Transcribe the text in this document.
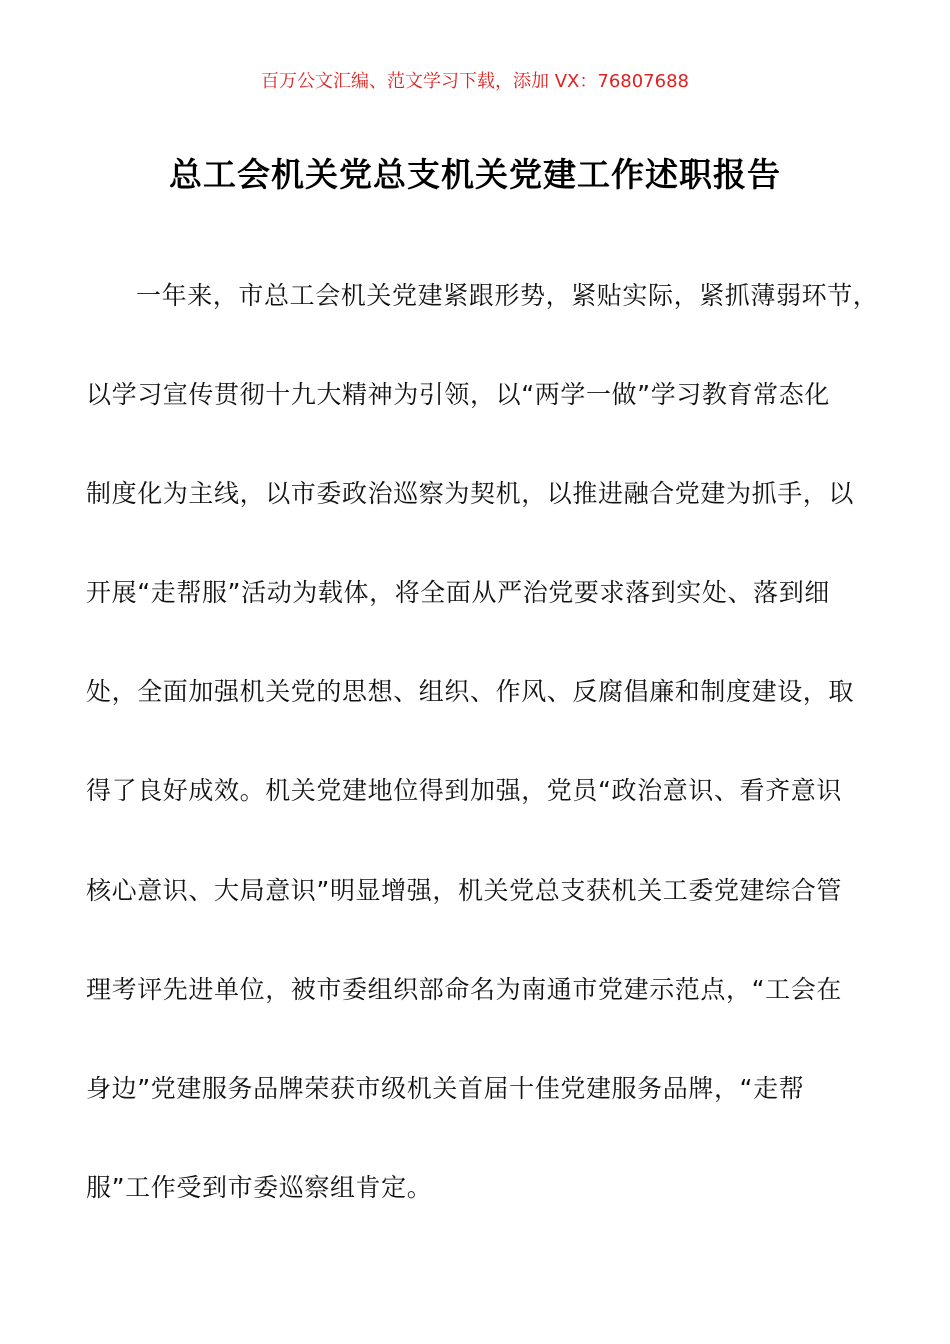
百万公文汇编、范文学习下载，添加 VX：76807688
总工会机关党总支机关党建工作述职报告
一年来，市总工会机关党建紧跟形势，紧贴实际，紧抓薄弱环节，
以学习宣传贯彻十九大精神为引领，以“两学一做”学习教育常态化
制度化为主线，以市委政治巡察为契机，以推进融合党建为抓手，以
开展“走帮服”活动为载体，将全面从严治党要求落到实处、落到细
处，全面加强机关党的思想、组织、作风、反腐倡廉和制度建设，取
得了良好成效。机关党建地位得到加强，党员“政治意识、看齐意识
核心意识、大局意识”明显增强，机关党总支获机关工委党建综合管
理考评先进单位，被市委组织部命名为南通市党建示范点，“工会在
身边”党建服务品牌荣获市级机关首届十佳党建服务品牌，“走帮
服”工作受到市委巡察组肯定。
